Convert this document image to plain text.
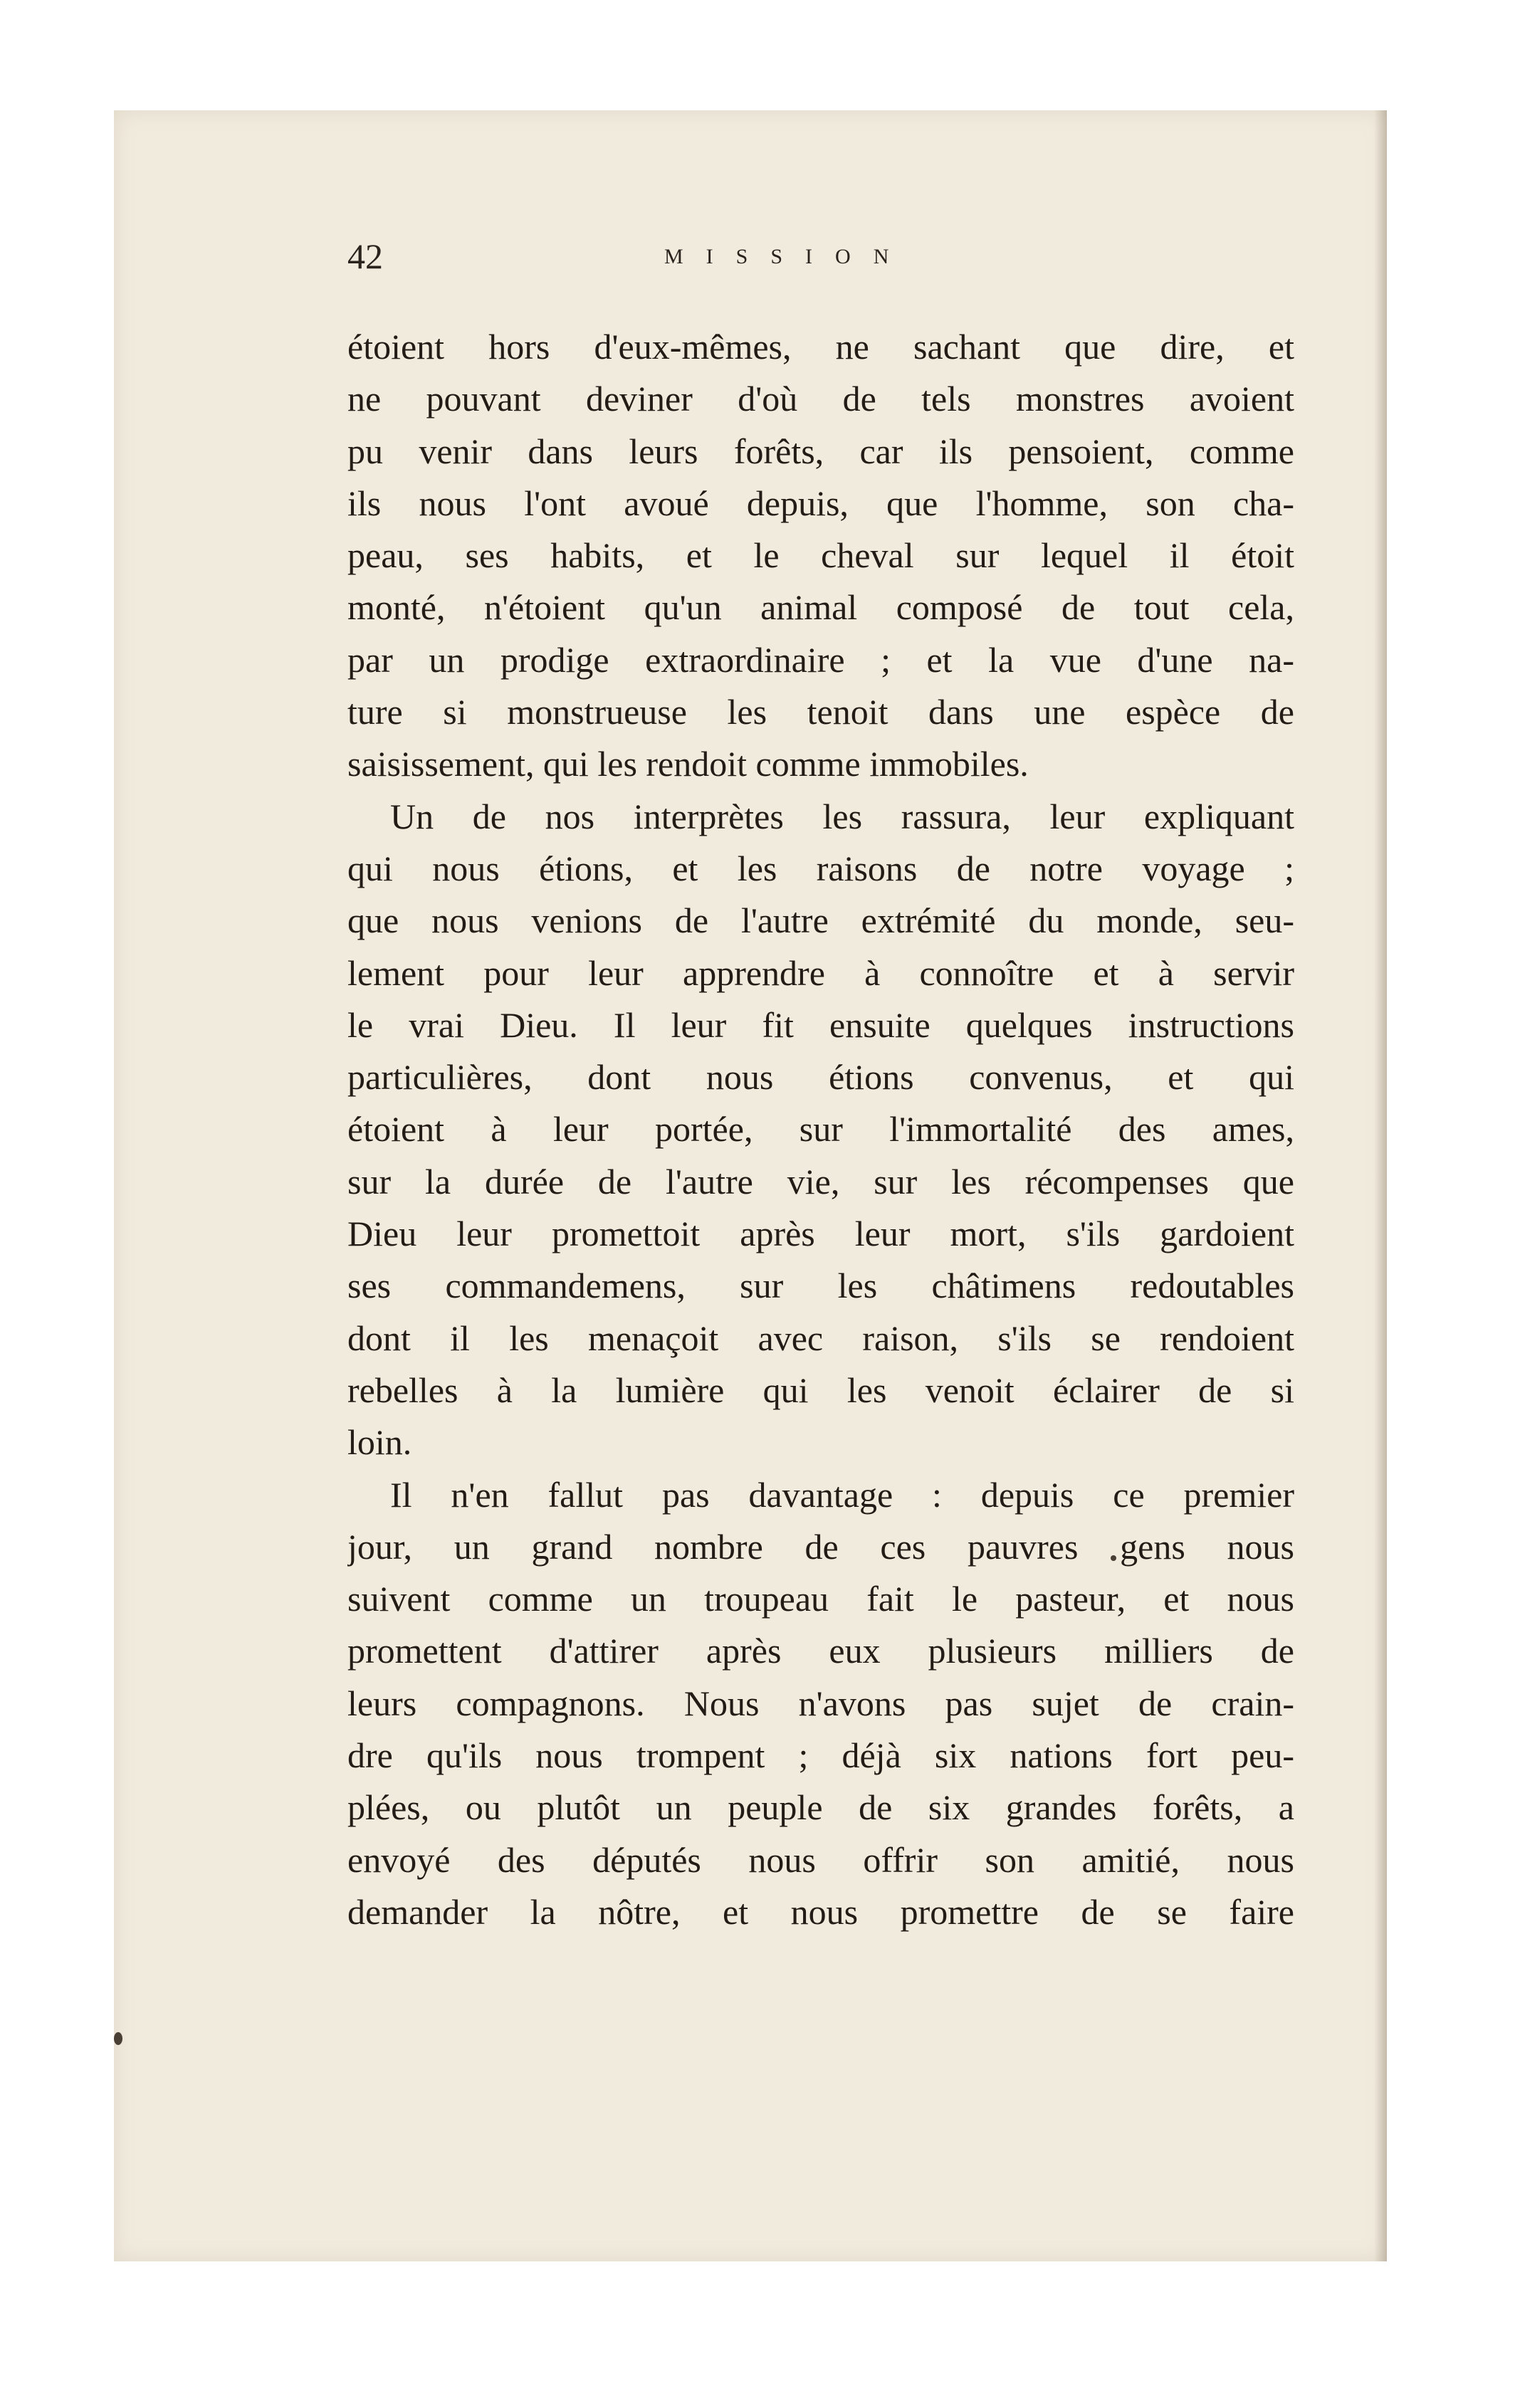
42	MISSION
étoient hors d'eux-mêmes, ne sachant que dire, et
ne pouvant deviner d'où de tels monstres avoient
pu venir dans leurs forêts, car ils pensoient, comme
ils nous l'ont avoué depuis, que l'homme, son cha-
peau, ses habits, et le cheval sur lequel il étoit
monté, n'étoient qu'un animal composé de tout cela,
par un prodige extraordinaire ; et la vue d'une na-
ture si monstrueuse les tenoit dans une espèce de
saisissement, qui les rendoit comme immobiles.
Un de nos interprètes les rassura, leur expliquant
qui nous étions, et les raisons de notre voyage ;
que nous venions de l'autre extrémité du monde, seu-
lement pour leur apprendre à connoître et à servir
le vrai Dieu. Il leur fit ensuite quelques instructions
particulières, dont nous étions convenus, et qui
étoient à leur portée, sur l'immortalité des ames,
sur la durée de l'autre vie, sur les récompenses que
Dieu leur promettoit après leur mort, s'ils gardoient
ses commandemens, sur les châtimens redoutables
dont il les menaçoit avec raison, s'ils se rendoient
rebelles à la lumière qui les venoit éclairer de si
loin.
Il n'en fallut pas davantage : depuis ce premier
jour, un grand nombre de ces pauvres gens nous
suivent comme un troupeau fait le pasteur, et nous
promettent d'attirer après eux plusieurs milliers de
leurs compagnons. Nous n'avons pas sujet de crain-
dre qu'ils nous trompent ; déjà six nations fort peu-
plées, ou plutôt un peuple de six grandes forêts, a
envoyé des députés nous offrir son amitié, nous
demander la nôtre, et nous promettre de se faire
